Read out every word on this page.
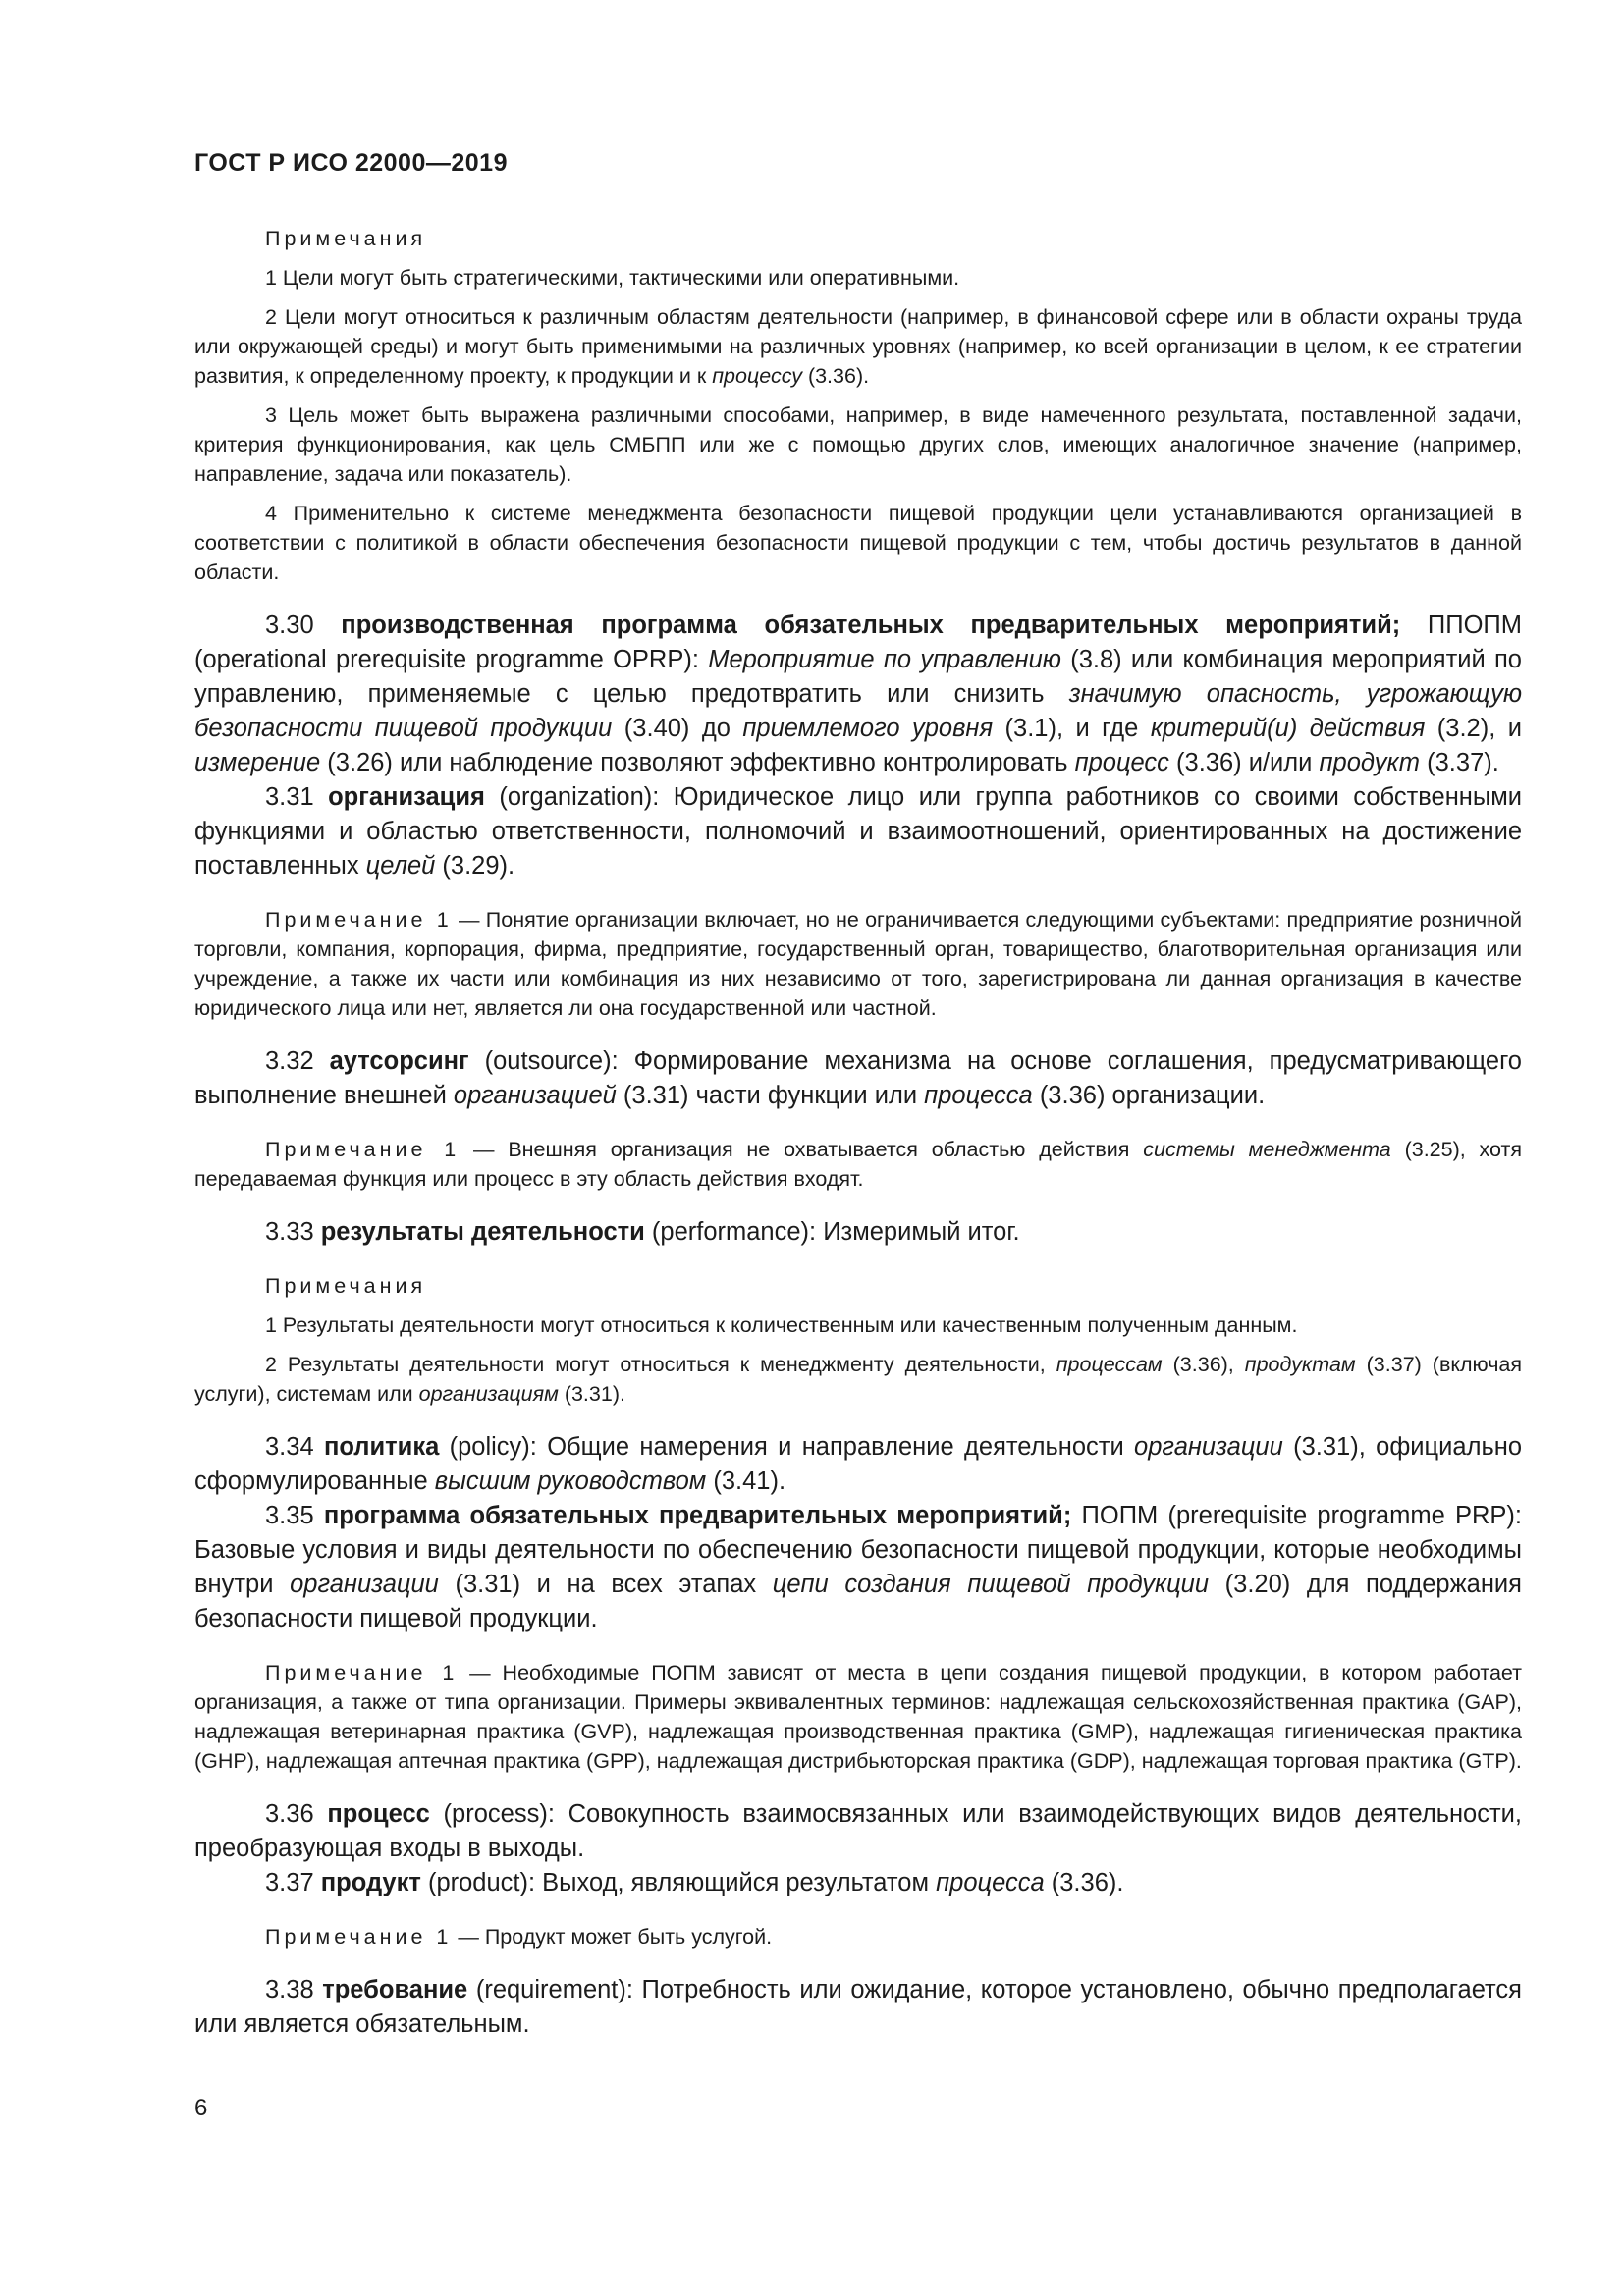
ГОСТ Р ИСО 22000—2019

Примечания

1 Цели могут быть стратегическими, тактическими или оперативными.

2 Цели могут относиться к различным областям деятельности (например, в финансовой сфере или в области охраны труда или окружающей среды) и могут быть применимыми на различных уровнях (например, ко всей организации в целом, к ее стратегии развития, к определенному проекту, к продукции и к процессу (3.36).

3 Цель может быть выражена различными способами, например, в виде намеченного результата, поставленной задачи, критерия функционирования, как цель СМБПП или же с помощью других слов, имеющих аналогичное значение (например, направление, задача или показатель).

4 Применительно к системе менеджмента безопасности пищевой продукции цели устанавливаются организацией в соответствии с политикой в области обеспечения безопасности пищевой продукции с тем, чтобы достичь результатов в данной области.

3.30 производственная программа обязательных предварительных мероприятий; ППОПМ (operational prerequisite programme OPRP): Мероприятие по управлению (3.8) или комбинация мероприятий по управлению, применяемые с целью предотвратить или снизить значимую опасность, угрожающую безопасности пищевой продукции (3.40) до приемлемого уровня (3.1), и где критерий(и) действия (3.2), и измерение (3.26) или наблюдение позволяют эффективно контролировать процесс (3.36) и/или продукт (3.37).

3.31 организация (organization): Юридическое лицо или группа работников со своими собственными функциями и областью ответственности, полномочий и взаимоотношений, ориентированных на достижение поставленных целей (3.29).

Примечание 1 — Понятие организации включает, но не ограничивается следующими субъектами: предприятие розничной торговли, компания, корпорация, фирма, предприятие, государственный орган, товарищество, благотворительная организация или учреждение, а также их части или комбинация из них независимо от того, зарегистрирована ли данная организация в качестве юридического лица или нет, является ли она государственной или частной.

3.32 аутсорсинг (outsource): Формирование механизма на основе соглашения, предусматривающего выполнение внешней организацией (3.31) части функции или процесса (3.36) организации.

Примечание 1 — Внешняя организация не охватывается областью действия системы менеджмента (3.25), хотя передаваемая функция или процесс в эту область действия входят.

3.33 результаты деятельности (performance): Измеримый итог.

Примечания

1 Результаты деятельности могут относиться к количественным или качественным полученным данным.

2 Результаты деятельности могут относиться к менеджменту деятельности, процессам (3.36), продуктам (3.37) (включая услуги), системам или организациям (3.31).

3.34 политика (policy): Общие намерения и направление деятельности организации (3.31), официально сформулированные высшим руководством (3.41).

3.35 программа обязательных предварительных мероприятий; ПОПМ (prerequisite programme PRP): Базовые условия и виды деятельности по обеспечению безопасности пищевой продукции, которые необходимы внутри организации (3.31) и на всех этапах цепи создания пищевой продукции (3.20) для поддержания безопасности пищевой продукции.

Примечание 1 — Необходимые ПОПМ зависят от места в цепи создания пищевой продукции, в котором работает организация, а также от типа организации. Примеры эквивалентных терминов: надлежащая сельскохозяйственная практика (GAP), надлежащая ветеринарная практика (GVP), надлежащая производственная практика (GMP), надлежащая гигиеническая практика (GHP), надлежащая аптечная практика (GPP), надлежащая дистрибьюторская практика (GDP), надлежащая торговая практика (GTP).

3.36 процесс (process): Совокупность взаимосвязанных или взаимодействующих видов деятельности, преобразующая входы в выходы.

3.37 продукт (product): Выход, являющийся результатом процесса (3.36).

Примечание 1 — Продукт может быть услугой.

3.38 требование (requirement): Потребность или ожидание, которое установлено, обычно предполагается или является обязательным.

6
